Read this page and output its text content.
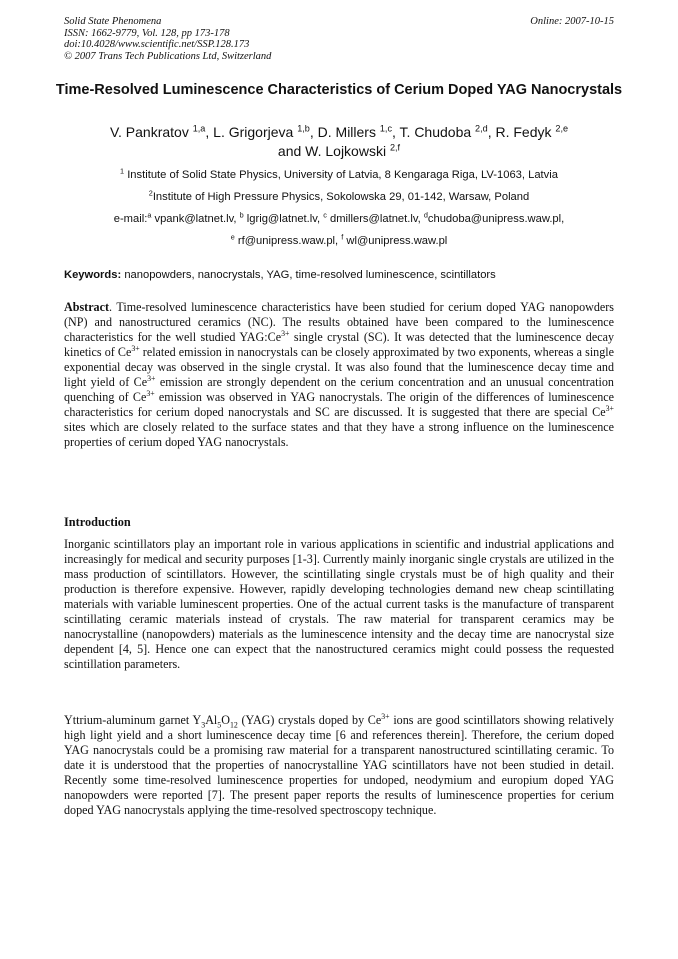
Solid State Phenomena
ISSN: 1662-9779, Vol. 128, pp 173-178
doi:10.4028/www.scientific.net/SSP.128.173
© 2007 Trans Tech Publications Ltd, Switzerland
Online: 2007-10-15
Time-Resolved Luminescence Characteristics of Cerium Doped YAG Nanocrystals
V. Pankratov $^{1,a}$, L. Grigorjeva $^{1,b}$, D. Millers $^{1,c}$, T. Chudoba $^{2,d}$, R. Fedyk $^{2,e}$
and W. Lojkowski $^{2,f}$
$^1$ Institute of Solid State Physics, University of Latvia, 8 Kengaraga Riga, LV-1063, Latvia
$^2$Institute of High Pressure Physics, Sokolowska 29, 01-142, Warsaw, Poland
e-mail:$^a$ vpank@latnet.lv, $^b$ lgrig@latnet.lv, $^c$ dmillers@latnet.lv, $^d$chudoba@unipress.waw.pl,
$^e$ rf@unipress.waw.pl, $^f$ wl@unipress.waw.pl
Keywords: nanopowders, nanocrystals, YAG, time-resolved luminescence, scintillators
Abstract. Time-resolved luminescence characteristics have been studied for cerium doped YAG nanopowders (NP) and nanostructured ceramics (NC). The results obtained have been compared to the luminescence characteristics for the well studied $YAG:Ce^{3+}$ single crystal (SC). It was detected that the luminescence decay kinetics of $Ce^{3+}$ related emission in nanocrystals can be closely approximated by two exponents, whereas a single exponential decay was observed in the single crystal. It was also found that the luminescence decay time and light yield of $Ce^{3+}$ emission are strongly dependent on the cerium concentration and an unusual concentration quenching of $Ce^{3+}$ emission was observed in YAG nanocrystals. The origin of the differences of luminescence characteristics for cerium doped nanocrystals and SC are discussed. It is suggested that there are special $Ce^{3+}$ sites which are closely related to the surface states and that they have a strong influence on the luminescence properties of cerium doped YAG nanocrystals.
Introduction
Inorganic scintillators play an important role in various applications in scientific and industrial applications and increasingly for medical and security purposes [1-3]. Currently mainly inorganic single crystals are utilized in the mass production of scintillators. However, the scintillating single crystals must be of high quality and their production is therefore expensive. However, rapidly developing technologies demand new cheap scintillating materials with variable luminescent properties. One of the actual current tasks is the manufacture of transparent scintillating ceramic materials instead of crystals. The raw material for transparent ceramics may be nanocrystalline (nanopowders) materials as the luminescence intensity and the decay time are nanocrystal size dependent [4, 5]. Hence one can expect that the nanostructured ceramics might could possess the requested scintillation parameters.
Yttrium-aluminum garnet $Y_3Al_5O_{12}$ (YAG) crystals doped by $Ce^{3+}$ ions are good scintillators showing relatively high light yield and a short luminescence decay time [6 and references therein]. Therefore, the cerium doped YAG nanocrystals could be a promising raw material for a transparent nanostructured scintillating ceramic. To date it is understood that the properties of nanocrystalline YAG scintillators have not been studied in detail. Recently some time-resolved luminescence properties for undoped, neodymium and europium doped YAG nanopowders were reported [7]. The present paper reports the results of luminescence properties for cerium doped YAG nanocrystals applying the time-resolved spectroscopy technique.
